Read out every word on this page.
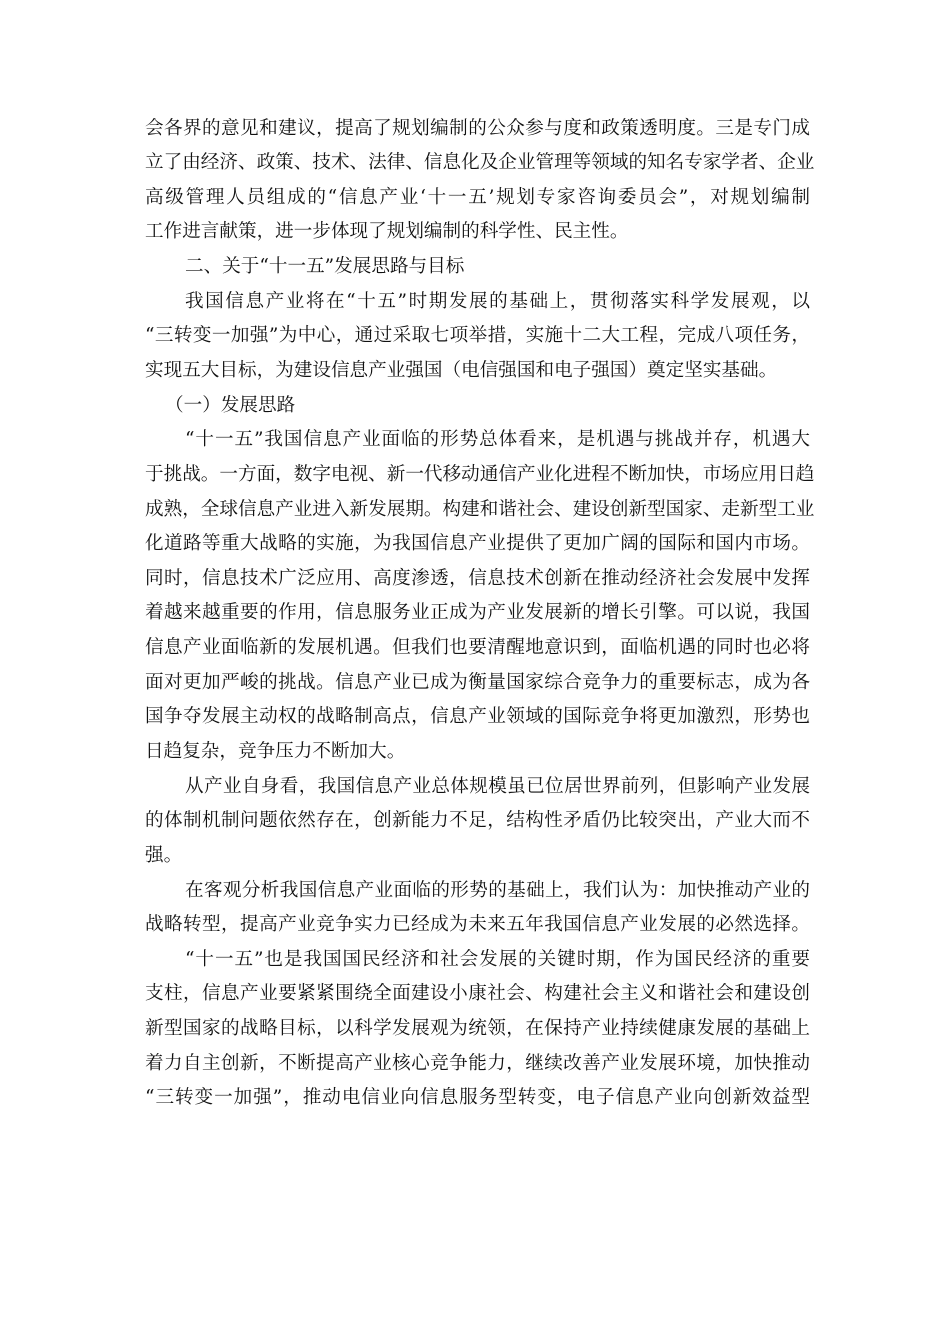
会各界的意见和建议，提高了规划编制的公众参与度和政策透明度。三是专门成
立了由经济、政策、技术、法律、信息化及企业管理等领域的知名专家学者、企业
高级管理人员组成的“信息产业‘十一五’规划专家咨询委员会”，对规划编制
工作进言献策，进一步体现了规划编制的科学性、民主性。
二、关于“十一五”发展思路与目标
我国信息产业将在“十五”时期发展的基础上，贯彻落实科学发展观，以
“三转变一加强”为中心，通过采取七项举措，实施十二大工程，完成八项任务，
实现五大目标，为建设信息产业强国（电信强国和电子强国）奠定坚实基础。
（一）发展思路
“十一五”我国信息产业面临的形势总体看来，是机遇与挑战并存，机遇大
于挑战。一方面，数字电视、新一代移动通信产业化进程不断加快，市场应用日趋
成熟，全球信息产业进入新发展期。构建和谐社会、建设创新型国家、走新型工业
化道路等重大战略的实施，为我国信息产业提供了更加广阔的国际和国内市场。
同时，信息技术广泛应用、高度渗透，信息技术创新在推动经济社会发展中发挥
着越来越重要的作用，信息服务业正成为产业发展新的增长引擎。可以说，我国
信息产业面临新的发展机遇。但我们也要清醒地意识到，面临机遇的同时也必将
面对更加严峻的挑战。信息产业已成为衡量国家综合竞争力的重要标志，成为各
国争夺发展主动权的战略制高点，信息产业领域的国际竞争将更加激烈，形势也
日趋复杂，竞争压力不断加大。
从产业自身看，我国信息产业总体规模虽已位居世界前列，但影响产业发展
的体制机制问题依然存在，创新能力不足，结构性矛盾仍比较突出，产业大而不
强。
在客观分析我国信息产业面临的形势的基础上，我们认为：加快推动产业的
战略转型，提高产业竞争实力已经成为未来五年我国信息产业发展的必然选择。
“十一五”也是我国国民经济和社会发展的关键时期，作为国民经济的重要
支柱，信息产业要紧紧围绕全面建设小康社会、构建社会主义和谐社会和建设创
新型国家的战略目标，以科学发展观为统领，在保持产业持续健康发展的基础上
着力自主创新，不断提高产业核心竞争能力，继续改善产业发展环境，加快推动
“三转变一加强”，推动电信业向信息服务型转变，电子信息产业向创新效益型
